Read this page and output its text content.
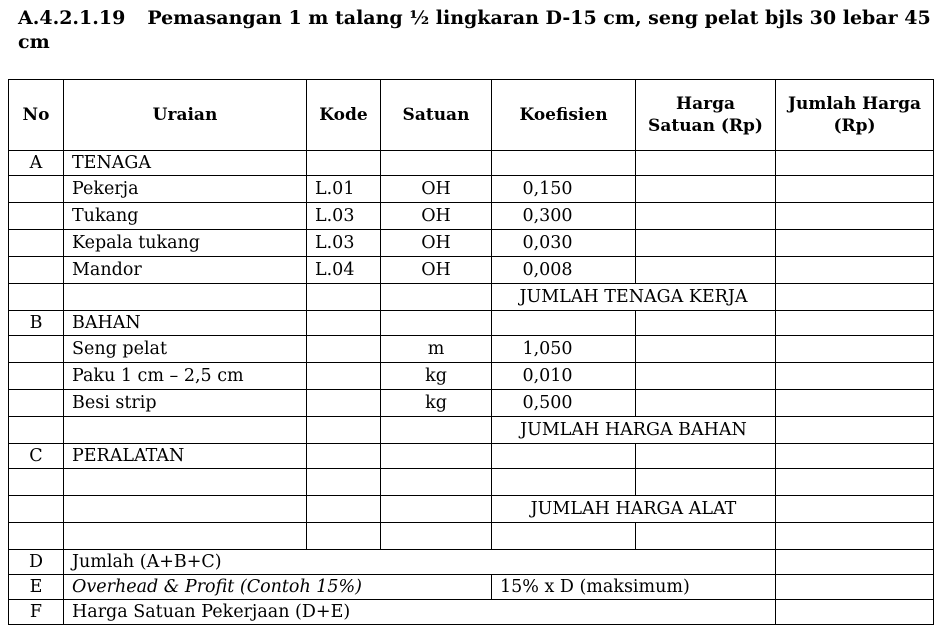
A.4.2.1.19 Pemasangan 1 m talang ½ lingkaran D-15 cm, seng pelat bjls 30 lebar 45 cm
No	Uraian	Kode	Satuan	Koefisien	Harga Satuan (Rp)	Jumlah Harga (Rp)
A	TENAGA					
	Pekerja	L.01	OH	0,150		
	Tukang	L.03	OH	0,300		
	Kepala tukang	L.03	OH	0,030		
	Mandor	L.04	OH	0,008		
				JUMLAH TENAGA KERJA		
B	BAHAN					
	Seng pelat		m	1,050		
	Paku 1 cm – 2,5 cm		kg	0,010		
	Besi strip		kg	0,500		
				JUMLAH HARGA BAHAN		
C	PERALATAN					

				JUMLAH HARGA ALAT		

D	Jumlah (A+B+C)					
E	Overhead & Profit (Contoh 15%)			15% x D (maksimum)		
F	Harga Satuan Pekerjaan (D+E)					
